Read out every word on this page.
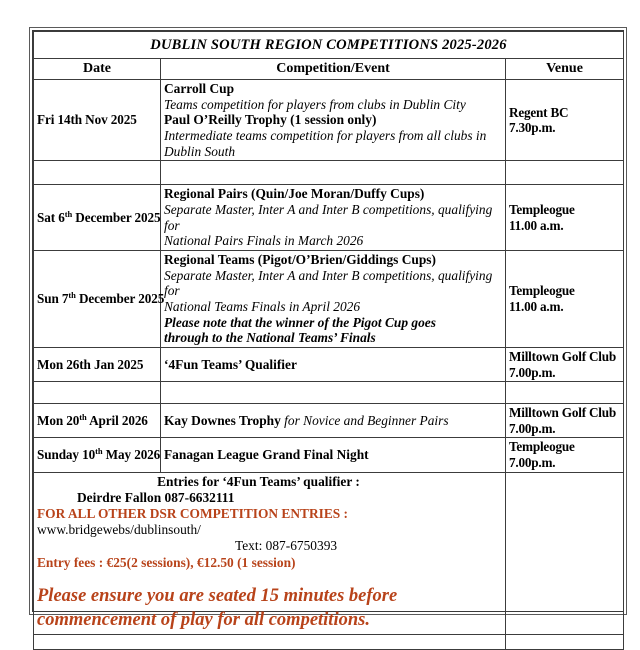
DUBLIN SOUTH REGION COMPETITIONS 2025-2026		
Date	Competition/Event	Venue
Fri 14th Nov 2025	Carroll Cup
Teams competition for players from clubs in Dublin City
Paul O’Reilly Trophy (1 session only)
Intermediate teams competition for players from all clubs in
Dublin South	Regent BC
7.30p.m.

Sat 6th December 2025	Regional Pairs (Quin/Joe Moran/Duffy Cups)
Separate Master, Inter A and Inter B competitions, qualifying for
National Pairs Finals in March 2026	Templeogue
11.00 a.m.

Sun 7th December 2025	Regional Teams (Pigot/O’Brien/Giddings Cups)
Separate Master, Inter A and Inter B competitions, qualifying for
National Teams Finals in April 2026
Please note that the winner of the Pigot Cup goes
through to the National Teams’ Finals	Templeogue
11.00 a.m.

Mon 26th Jan 2025	‘4Fun Teams’ Qualifier	Milltown Golf Club
7.00p.m.

Mon 20th April 2026	Kay Downes Trophy for Novice and Beginner Pairs	Milltown Golf Club
7.00p.m.

Sunday 10th May 2026	Fanagan League Grand Final Night	Templeogue
7.00p.m.

Entries for ‘4Fun Teams’ qualifier :
Deirdre Fallon 087-6632111
FOR ALL OTHER DSR COMPETITION ENTRIES :
www.bridgewebs/dublinsouth/
Text: 087-6750393
Entry fees : €25(2 sessions), €12.50 (1 session)
Please ensure you are seated 15 minutes before
commencement of play for all competitions.
